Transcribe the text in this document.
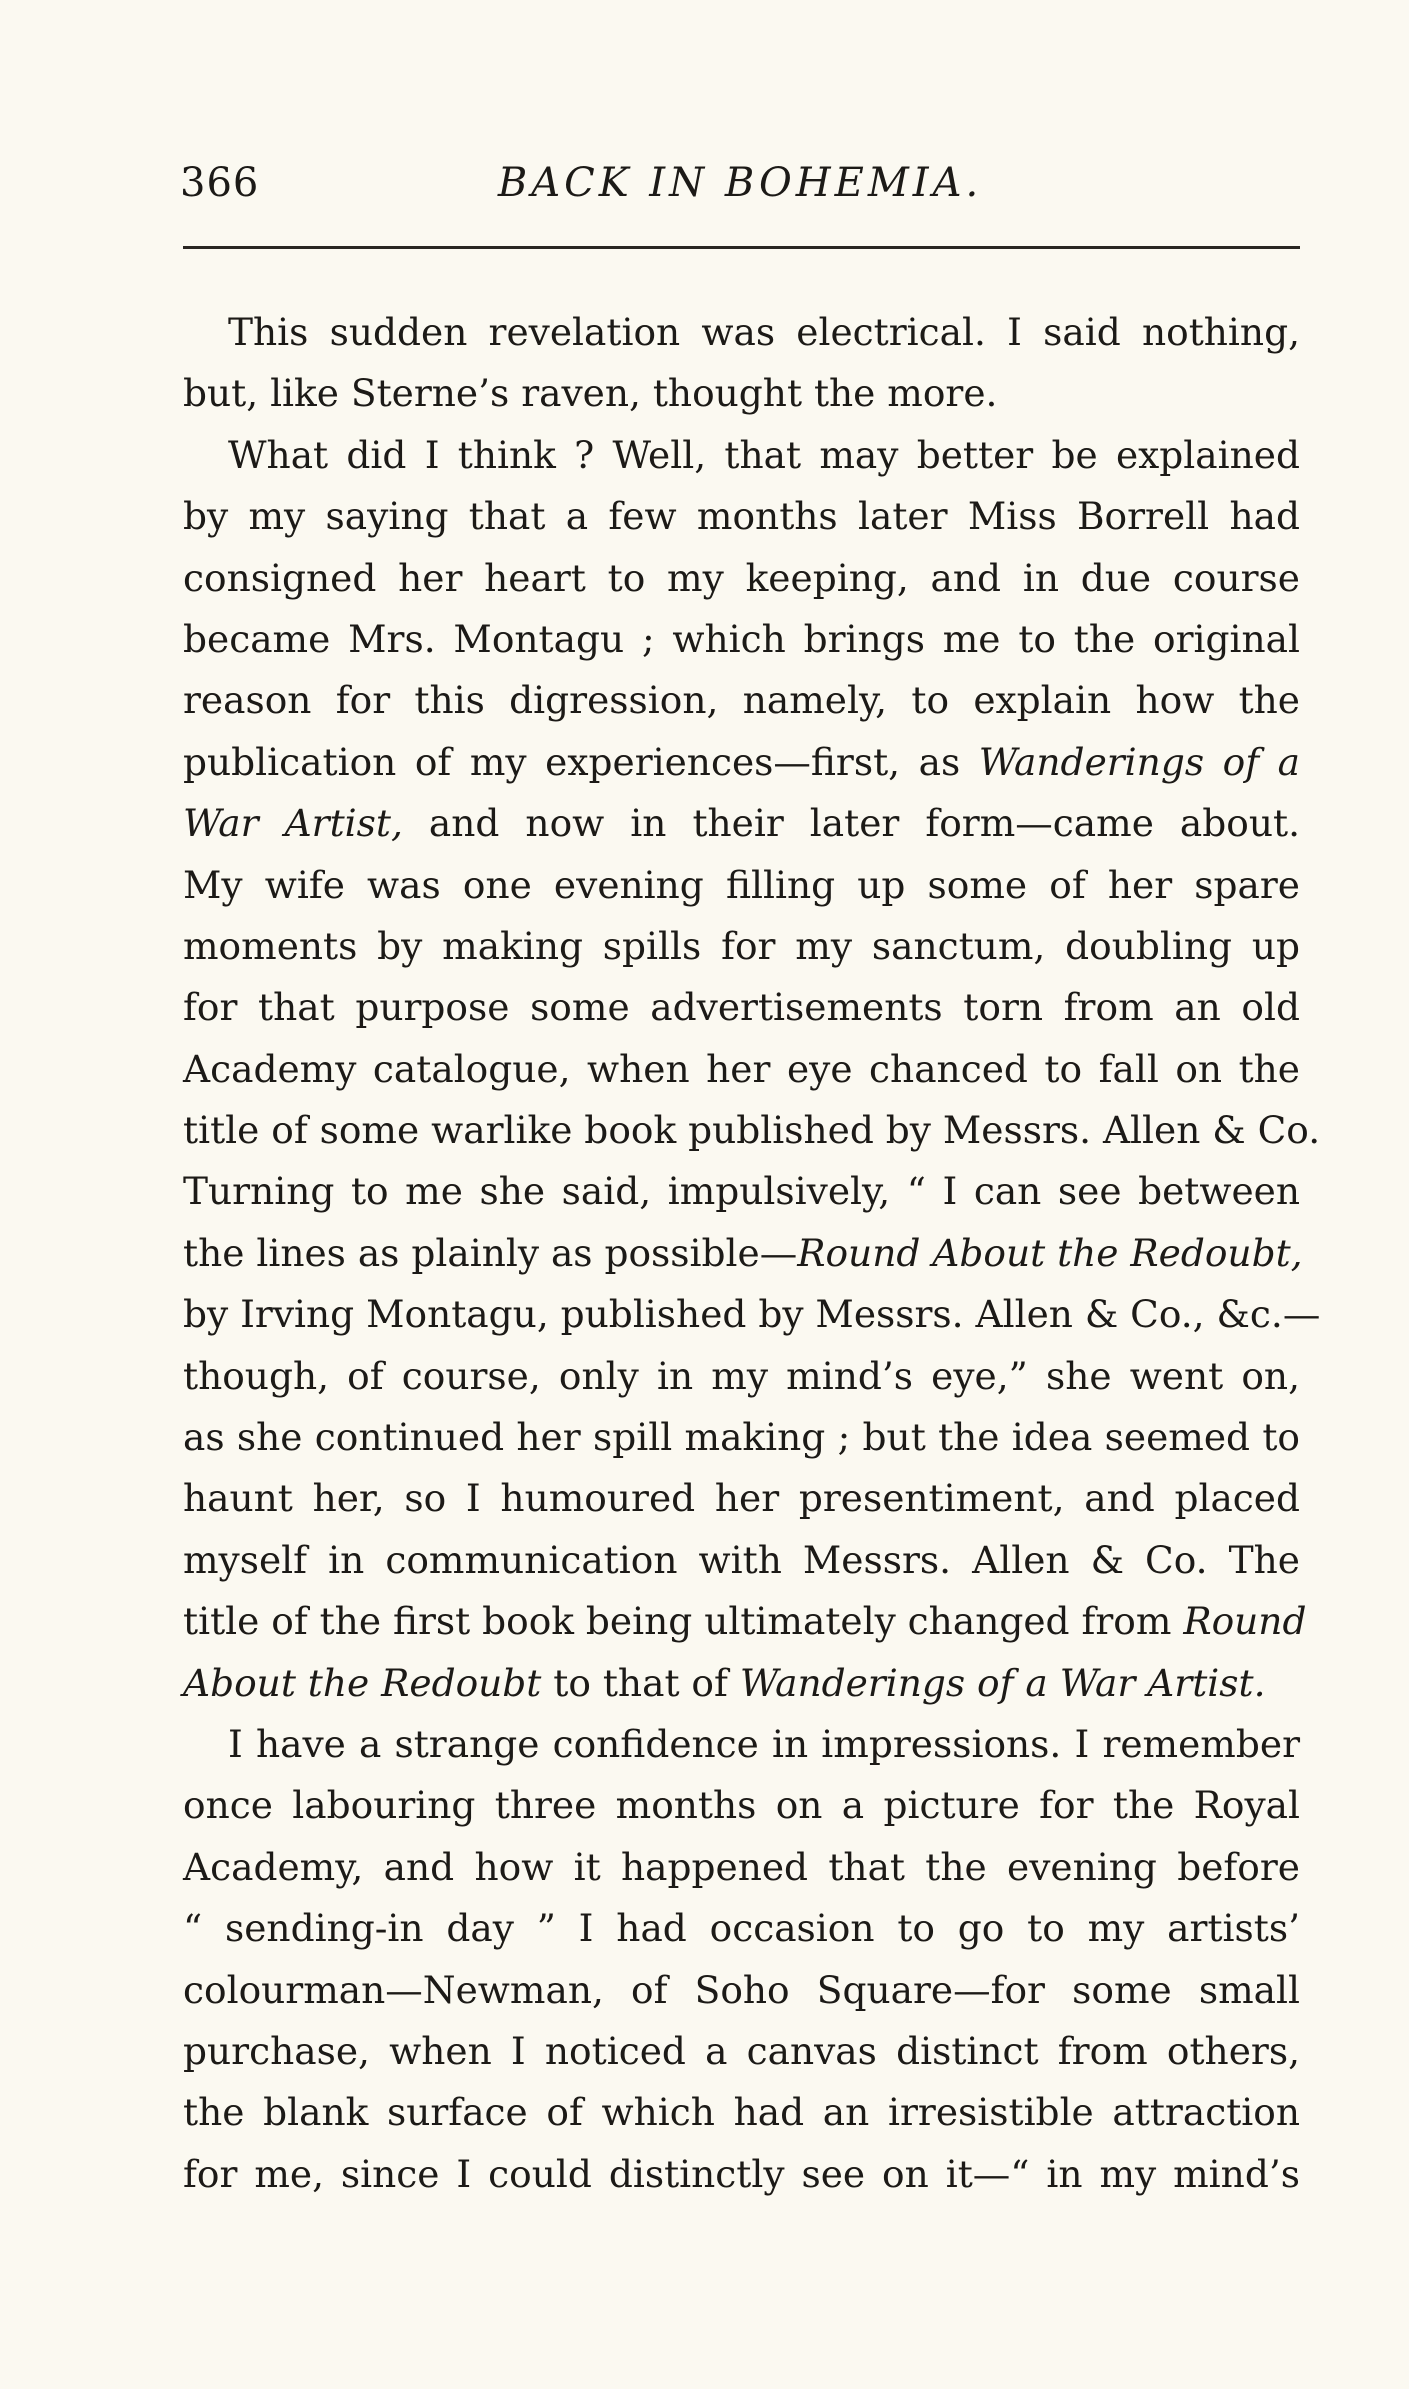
366	BACK IN BOHEMIA.
This sudden revelation was electrical. I said nothing,
but, like Sterne’s raven, thought the more.
What did I think ? Well, that may better be explained
by my saying that a few months later Miss Borrell had
consigned her heart to my keeping, and in due course
became Mrs. Montagu ; which brings me to the original
reason for this digression, namely, to explain how the
publication of my experiences—first, as Wanderings of a
War Artist, and now in their later form—came about.
My wife was one evening filling up some of her spare
moments by making spills for my sanctum, doubling up
for that purpose some advertisements torn from an old
Academy catalogue, when her eye chanced to fall on the
title of some warlike book published by Messrs. Allen & Co.
Turning to me she said, impulsively, “ I can see between
the lines as plainly as possible—Round About the Redoubt,
by Irving Montagu, published by Messrs. Allen & Co., &c.—
though, of course, only in my mind’s eye,” she went on,
as she continued her spill making ; but the idea seemed to
haunt her, so I humoured her presentiment, and placed
myself in communication with Messrs. Allen & Co. The
title of the first book being ultimately changed from Round
About the Redoubt to that of Wanderings of a War Artist.
I have a strange confidence in impressions. I remember
once labouring three months on a picture for the Royal
Academy, and how it happened that the evening before
“ sending-in day ” I had occasion to go to my artists’
colourman—Newman, of Soho Square—for some small
purchase, when I noticed a canvas distinct from others,
the blank surface of which had an irresistible attraction
for me, since I could distinctly see on it—“ in my mind’s
